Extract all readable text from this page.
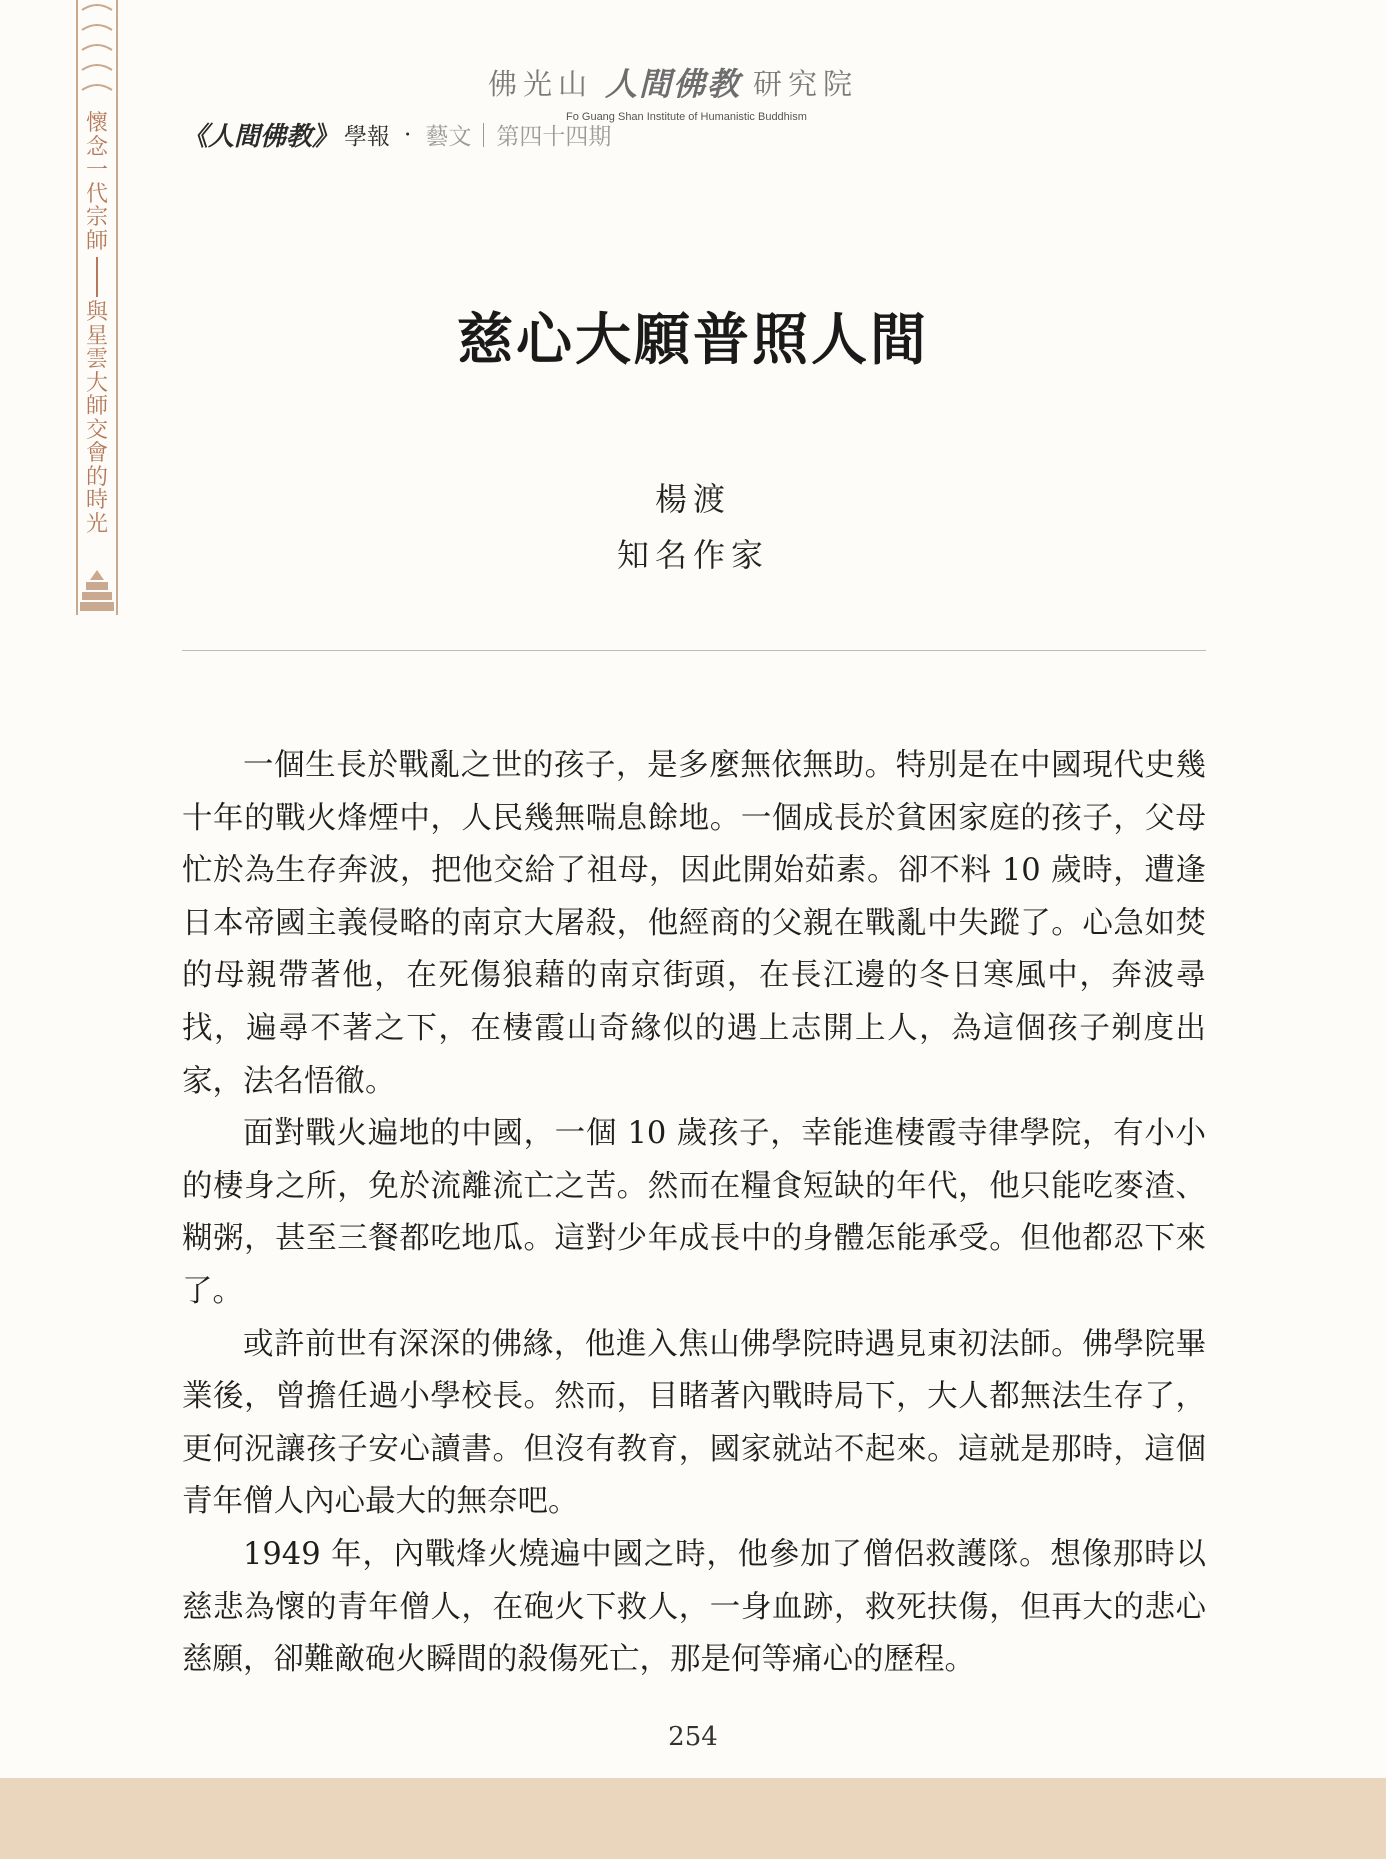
懷
念
一
代
宗
師
與
星
雲
大
師
交
會
的
時
光
佛光山 人間佛教 研究院
Fo Guang Shan Institute of Humanistic Buddhism
《人間佛教》 學報 · 藝文 第四十四期
慈心大願普照人間
楊渡
知名作家

一個生長於戰亂之世的孩子，是多麼無依無助。特別是在中國現代史幾十年的戰火烽煙中，人民幾無喘息餘地。一個成長於貧困家庭的孩子，父母忙於為生存奔波，把他交給了祖母，因此開始茹素。卻不料 10 歲時，遭逢日本帝國主義侵略的南京大屠殺，他經商的父親在戰亂中失蹤了。心急如焚的母親帶著他，在死傷狼藉的南京街頭，在長江邊的冬日寒風中，奔波尋找，遍尋不著之下，在棲霞山奇緣似的遇上志開上人，為這個孩子剃度出家，法名悟徹。

面對戰火遍地的中國，一個 10 歲孩子，幸能進棲霞寺律學院，有小小的棲身之所，免於流離流亡之苦。然而在糧食短缺的年代，他只能吃麥渣、糊粥，甚至三餐都吃地瓜。這對少年成長中的身體怎能承受。但他都忍下來了。

或許前世有深深的佛緣，他進入焦山佛學院時遇見東初法師。佛學院畢業後，曾擔任過小學校長。然而，目睹著內戰時局下，大人都無法生存了，更何況讓孩子安心讀書。但沒有教育，國家就站不起來。這就是那時，這個青年僧人內心最大的無奈吧。

1949 年，內戰烽火燒遍中國之時，他參加了僧侶救護隊。想像那時以慈悲為懷的青年僧人，在砲火下救人，一身血跡，救死扶傷，但再大的悲心慈願，卻難敵砲火瞬間的殺傷死亡，那是何等痛心的歷程。

254
